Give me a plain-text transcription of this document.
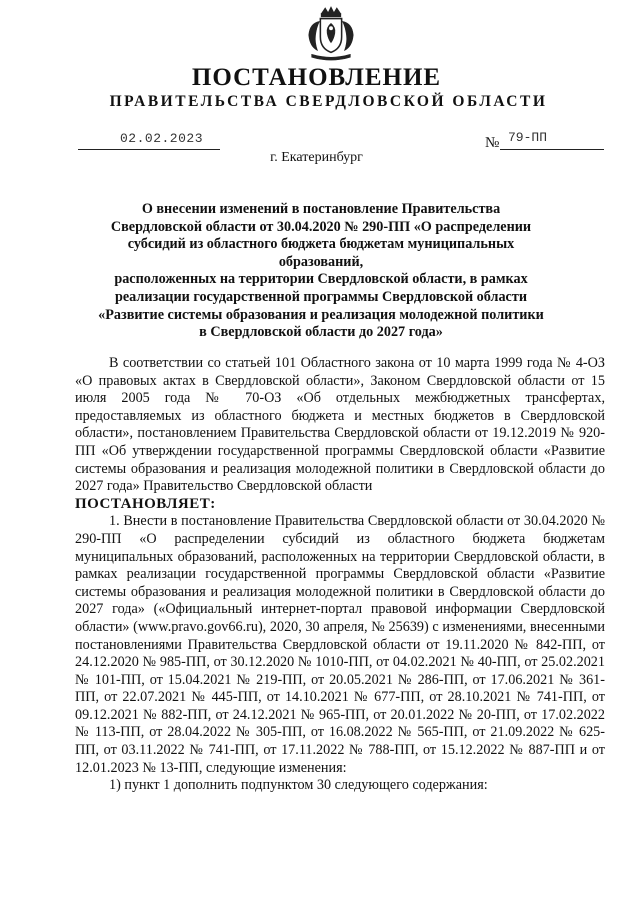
ПОСТАНОВЛЕНИЕ
ПРАВИТЕЛЬСТВА СВЕРДЛОВСКОЙ ОБЛАСТИ
02.02.2023	№ 79-ПП
г. Екатеринбург
О внесении изменений в постановление Правительства
Свердловской области от 30.04.2020 № 290-ПП «О распределении
субсидий из областного бюджета бюджетам муниципальных образований,
расположенных на территории Свердловской области, в рамках
реализации государственной программы Свердловской области
«Развитие системы образования и реализация молодежной политики
в Свердловской области до 2027 года»

В соответствии со статьей 101 Областного закона от 10 марта 1999 года № 4-ОЗ «О правовых актах в Свердловской области», Законом Свердловской области от 15 июля 2005 года № 70-ОЗ «Об отдельных межбюджетных трансфертах, предоставляемых из областного бюджета и местных бюджетов в Свердловской области», постановлением Правительства Свердловской области от 19.12.2019 № 920-ПП «Об утверждении государственной программы Свердловской области «Развитие системы образования и реализация молодежной политики в Свердловской области до 2027 года» Правительство Свердловской области

ПОСТАНОВЛЯЕТ:

1. Внести в постановление Правительства Свердловской области от 30.04.2020 № 290-ПП «О распределении субсидий из областного бюджета бюджетам муниципальных образований, расположенных на территории Свердловской области, в рамках реализации государственной программы Свердловской области «Развитие системы образования и реализация молодежной политики в Свердловской области до 2027 года» («Официальный интернет-портал правовой информации Свердловской области» (www.pravo.gov66.ru), 2020, 30 апреля, № 25639) с изменениями, внесенными постановлениями Правительства Свердловской области от 19.11.2020 № 842-ПП, от 24.12.2020 № 985-ПП, от 30.12.2020 № 1010-ПП, от 04.02.2021 № 40-ПП, от 25.02.2021 № 101-ПП, от 15.04.2021 № 219-ПП, от 20.05.2021 № 286-ПП, от 17.06.2021 № 361-ПП, от 22.07.2021 № 445-ПП, от 14.10.2021 № 677-ПП, от 28.10.2021 № 741-ПП, от 09.12.2021 № 882-ПП, от 24.12.2021 № 965-ПП, от 20.01.2022 № 20-ПП, от 17.02.2022 № 113-ПП, от 28.04.2022 № 305-ПП, от 16.08.2022 № 565-ПП, от 21.09.2022 № 625-ПП, от 03.11.2022 № 741-ПП, от 17.11.2022 № 788-ПП, от 15.12.2022 № 887-ПП и от 12.01.2023 № 13-ПП, следующие изменения:

1) пункт 1 дополнить подпунктом 30 следующего содержания:
